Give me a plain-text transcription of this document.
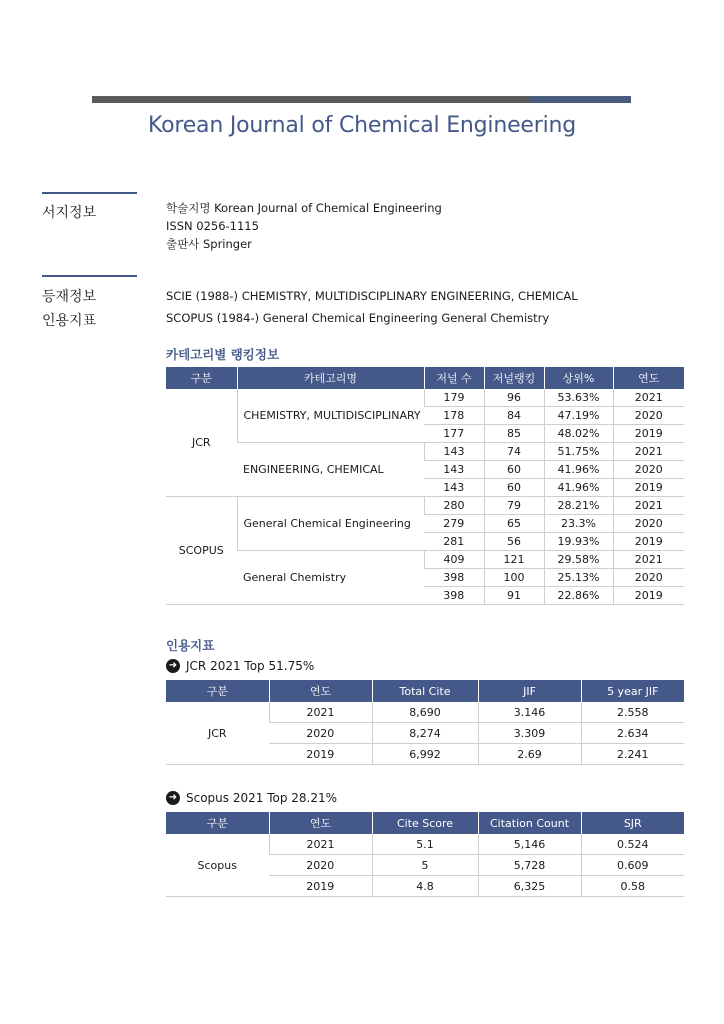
Korean Journal of Chemical Engineering
서지정보	학술지명 Korean Journal of Chemical Engineering
ISSN 0256-1115
출판사 Springer
등재정보
인용지표
SCIE (1988-) CHEMISTRY, MULTIDISCIPLINARY ENGINEERING, CHEMICAL
SCOPUS (1984-) General Chemical Engineering General Chemistry
카테고리별 랭킹정보
구분	카테고리명	저널 수	저널랭킹	상위%	연도
JCR	CHEMISTRY, MULTIDISCIPLINARY	179	96	53.63%	2021
		178	84	47.19%	2020
		177	85	48.02%	2019
	ENGINEERING, CHEMICAL	143	74	51.75%	2021
		143	60	41.96%	2020
		143	60	41.96%	2019
SCOPUS	General Chemical Engineering	280	79	28.21%	2021
		279	65	23.3%	2020
		281	56	19.93%	2019
	General Chemistry	409	121	29.58%	2021
		398	100	25.13%	2020
		398	91	22.86%	2019
인용지표
➜ JCR 2021 Top 51.75%
구분	연도	Total Cite	JIF	5 year JIF
JCR	2021	8,690	3.146	2.558
	2020	8,274	3.309	2.634
	2019	6,992	2.69	2.241
➜ Scopus 2021 Top 28.21%
구분	연도	Cite Score	Citation Count	SJR
Scopus	2021	5.1	5,146	0.524
	2020	5	5,728	0.609
	2019	4.8	6,325	0.58
